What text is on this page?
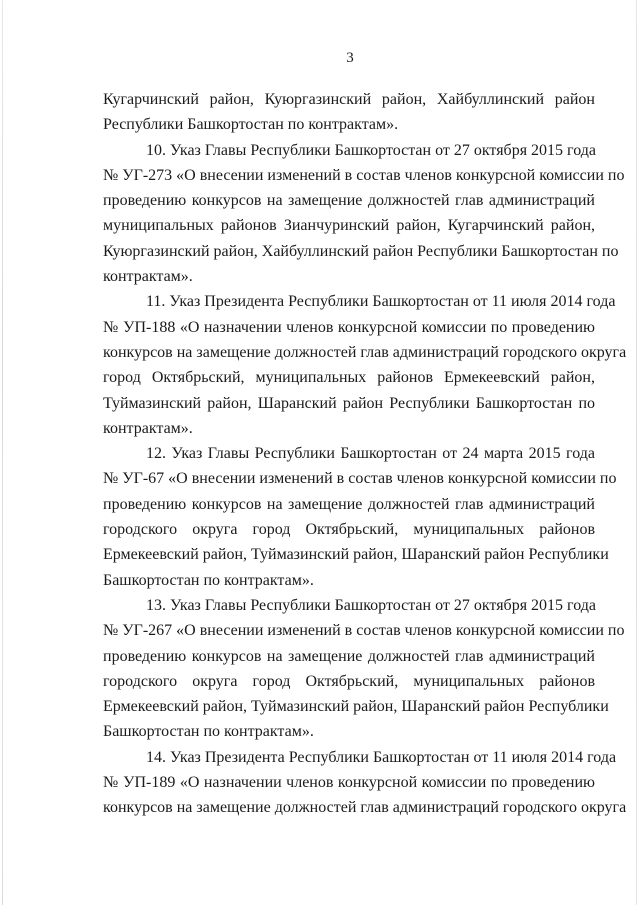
3
Кугарчинский район, Куюргазинский район, Хайбуллинский район
Республики Башкортостан по контрактам».
10. Указ Главы Республики Башкортостан от 27 октября 2015 года
№ УГ-273 «О внесении изменений в состав членов конкурсной комиссии по
проведению конкурсов на замещение должностей глав администраций
муниципальных районов Зианчуринский район, Кугарчинский район,
Куюргазинский район, Хайбуллинский район Республики Башкортостан по
контрактам».
11. Указ Президента Республики Башкортостан от 11 июля 2014 года
№ УП-188 «О назначении членов конкурсной комиссии по проведению
конкурсов на замещение должностей глав администраций городского округа
город Октябрьский, муниципальных районов Ермекеевский район,
Туймазинский район, Шаранский район Республики Башкортостан по
контрактам».
12. Указ Главы Республики Башкортостан от 24 марта 2015 года
№ УГ-67 «О внесении изменений в состав членов конкурсной комиссии по
проведению конкурсов на замещение должностей глав администраций
городского округа город Октябрьский, муниципальных районов
Ермекеевский район, Туймазинский район, Шаранский район Республики
Башкортостан по контрактам».
13. Указ Главы Республики Башкортостан от 27 октября 2015 года
№ УГ-267 «О внесении изменений в состав членов конкурсной комиссии по
проведению конкурсов на замещение должностей глав администраций
городского округа город Октябрьский, муниципальных районов
Ермекеевский район, Туймазинский район, Шаранский район Республики
Башкортостан по контрактам».
14. Указ Президента Республики Башкортостан от 11 июля 2014 года
№ УП-189 «О назначении членов конкурсной комиссии по проведению
конкурсов на замещение должностей глав администраций городского округа
